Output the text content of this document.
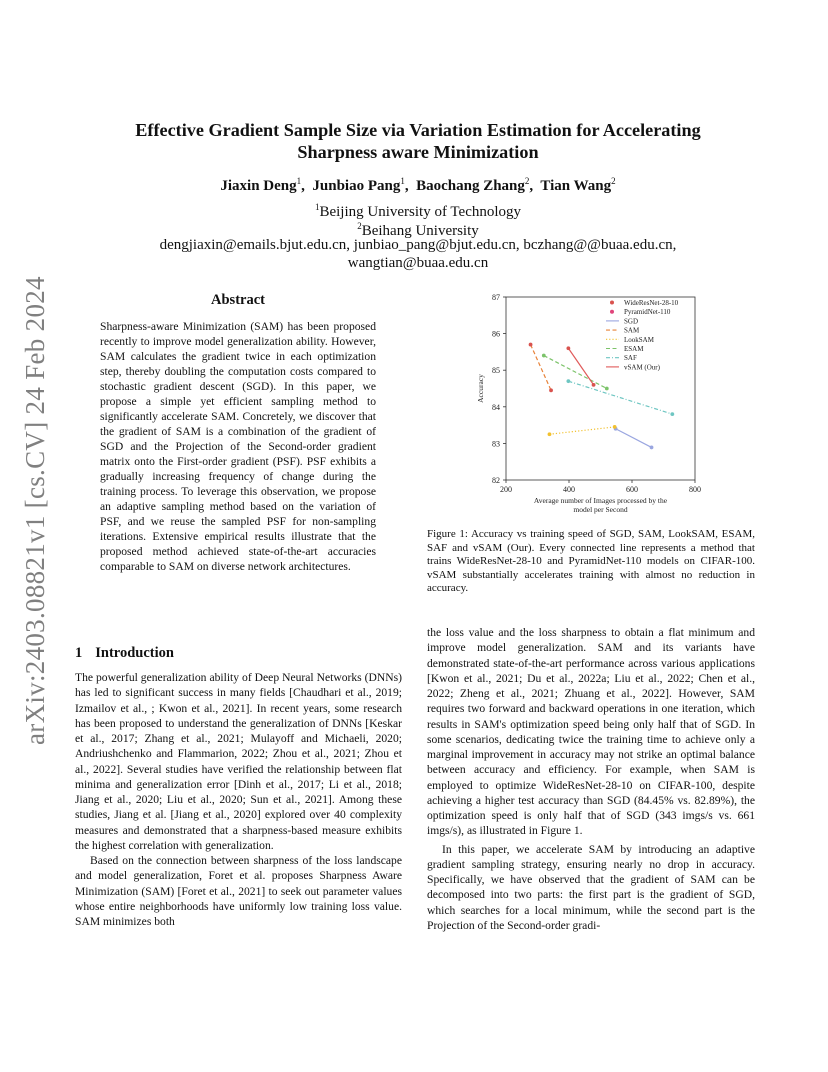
arXiv:2403.08821v1 [cs.CV] 24 Feb 2024
Effective Gradient Sample Size via Variation Estimation for Accelerating
Sharpness aware Minimization
Jiaxin Deng$^1$,  Junbiao Pang$^1$,  Baochang Zhang$^2$,  Tian Wang$^2$
$^1$Beijing University of Technology
$^2$Beihang University
dengjiaxin@emails.bjut.edu.cn, junbiao_pang@bjut.edu.cn, bczhang@@buaa.edu.cn,
wangtian@buaa.edu.cn
Abstract
Sharpness-aware Minimization (SAM) has been proposed recently to improve model generalization ability. However, SAM calculates the gradient twice in each optimization step, thereby doubling the computation costs compared to stochastic gradient descent (SGD). In this paper, we propose a simple yet efficient sampling method to significantly accelerate SAM. Concretely, we discover that the gradient of SAM is a combination of the gradient of SGD and the Projection of the Second-order gradient matrix onto the First-order gradient (PSF). PSF exhibits a gradually increasing frequency of change during the training process. To leverage this observation, we propose an adaptive sampling method based on the variation of PSF, and we reuse the sampled PSF for non-sampling iterations. Extensive empirical results illustrate that the proposed method achieved state-of-the-art accuracies comparable to SAM on diverse network architectures.
1 Introduction

The powerful generalization ability of Deep Neural Networks (DNNs) has led to significant success in many fields [Chaudhari et al., 2019; Izmailov et al., ; Kwon et al., 2021]. In recent years, some research has been proposed to understand the generalization of DNNs [Keskar et al., 2017; Zhang et al., 2021; Mulayoff and Michaeli, 2020; Andriushchenko and Flammarion, 2022; Zhou et al., 2021; Zhou et al., 2022]. Several studies have verified the relationship between flat minima and generalization error [Dinh et al., 2017; Li et al., 2018; Jiang et al., 2020; Liu et al., 2020; Sun et al., 2021]. Among these studies, Jiang et al. [Jiang et al., 2020] explored over 40 complexity measures and demonstrated that a sharpness-based measure exhibits the highest correlation with generalization.

Based on the connection between sharpness of the loss landscape and model generalization, Foret et al. proposes Sharpness Aware Minimization (SAM) [Foret et al., 2021] to seek out parameter values whose entire neighborhoods have uniformly low training loss value. SAM minimizes both

the loss value and the loss sharpness to obtain a flat minimum and improve model generalization. SAM and its variants have demonstrated state-of-the-art performance across various applications [Kwon et al., 2021; Du et al., 2022a; Liu et al., 2022; Chen et al., 2022; Zheng et al., 2021; Zhuang et al., 2022]. However, SAM requires two forward and backward operations in one iteration, which results in SAM's optimization speed being only half that of SGD. In some scenarios, dedicating twice the training time to achieve only a marginal improvement in accuracy may not strike an optimal balance between accuracy and efficiency. For example, when SAM is employed to optimize WideResNet-28-10 on CIFAR-100, despite achieving a higher test accuracy than SGD (84.45% vs. 82.89%), the optimization speed is only half that of SGD (343 imgs/s vs. 661 imgs/s), as illustrated in Figure 1.

In this paper, we accelerate SAM by introducing an adaptive gradient sampling strategy, ensuring nearly no drop in accuracy. Specifically, we have observed that the gradient of SAM can be decomposed into two parts: the first part is the gradient of SGD, which searches for a local minimum, while the second part is the Projection of the Second-order gradi-

200	400	600	800
82
83
84
85
86
87
Average number of Images processed by the
model per Second
Accuracy
WideResNet-28-10
PyramidNet-110
SGD
SAM
LookSAM
ESAM
SAF
vSAM (Our)
Figure 1: Accuracy vs training speed of SGD, SAM, LookSAM, ESAM, SAF and vSAM (Our). Every connected line represents a method that trains WideResNet-28-10 and PyramidNet-110 models on CIFAR-100. vSAM substantially accelerates training with almost no reduction in accuracy.
